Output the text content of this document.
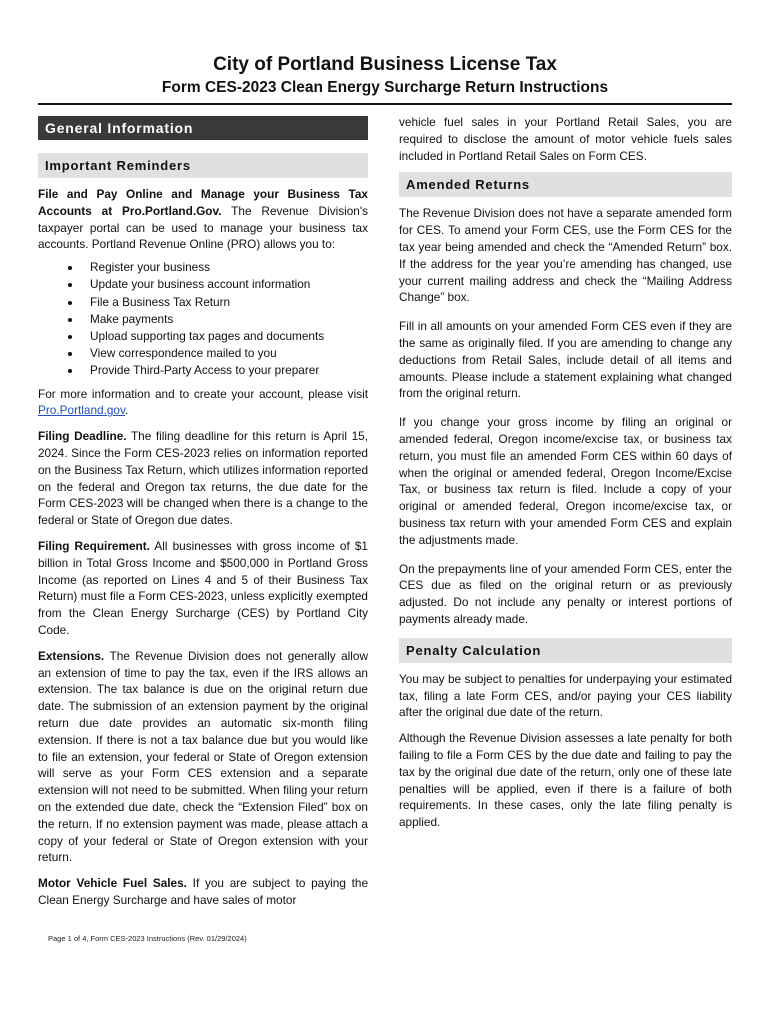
City of Portland Business License Tax
Form CES-2023 Clean Energy Surcharge Return Instructions
General Information
Important Reminders

File and Pay Online and Manage your Business Tax Accounts at Pro.Portland.Gov. The Revenue Division's taxpayer portal can be used to manage your business tax accounts. Portland Revenue Online (PRO) allows you to:

• Register your business
• Update your business account information
• File a Business Tax Return
• Make payments
• Upload supporting tax pages and documents
• View correspondence mailed to you
• Provide Third-Party Access to your preparer

For more information and to create your account, please visit Pro.Portland.gov.

Filing Deadline. The filing deadline for this return is April 15, 2024. Since the Form CES-2023 relies on information reported on the Business Tax Return, which utilizes information reported on the federal and Oregon tax returns, the due date for the Form CES-2023 will be changed when there is a change to the federal or State of Oregon due dates.

Filing Requirement. All businesses with gross income of $1 billion in Total Gross Income and $500,000 in Portland Gross Income (as reported on Lines 4 and 5 of their Business Tax Return) must file a Form CES-2023, unless explicitly exempted from the Clean Energy Surcharge (CES) by Portland City Code.

Extensions. The Revenue Division does not generally allow an extension of time to pay the tax, even if the IRS allows an extension. The tax balance is due on the original return due date. The submission of an extension payment by the original return due date provides an automatic six-month filing extension. If there is not a tax balance due but you would like to file an extension, your federal or State of Oregon extension will serve as your Form CES extension and a separate extension will not need to be submitted. When filing your return on the extended due date, check the “Extension Filed” box on the return. If no extension payment was made, please attach a copy of your federal or State of Oregon extension with your return.

Motor Vehicle Fuel Sales. If you are subject to paying the Clean Energy Surcharge and have sales of motor

vehicle fuel sales in your Portland Retail Sales, you are required to disclose the amount of motor vehicle fuels sales included in Portland Retail Sales on Form CES.

Amended Returns

The Revenue Division does not have a separate amended form for CES. To amend your Form CES, use the Form CES for the tax year being amended and check the “Amended Return” box. If the address for the year you’re amending has changed, use your current mailing address and check the “Mailing Address Change” box.

Fill in all amounts on your amended Form CES even if they are the same as originally filed. If you are amending to change any deductions from Retail Sales, include detail of all items and amounts. Please include a statement explaining what changed from the original return.

If you change your gross income by filing an original or amended federal, Oregon income/excise tax, or business tax return, you must file an amended Form CES within 60 days of when the original or amended federal, Oregon Income/Excise Tax, or business tax return is filed. Include a copy of your original or amended federal, Oregon income/excise tax, or business tax return with your amended Form CES and explain the adjustments made.

On the prepayments line of your amended Form CES, enter the CES due as filed on the original return or as previously adjusted. Do not include any penalty or interest portions of payments already made.

Penalty Calculation

You may be subject to penalties for underpaying your estimated tax, filing a late Form CES, and/or paying your CES liability after the original due date of the return.

Although the Revenue Division assesses a late penalty for both failing to file a Form CES by the due date and failing to pay the tax by the original due date of the return, only one of these late penalties will be applied, even if there is a failure of both requirements. In these cases, only the late filing penalty is applied.

Page 1 of 4, Form CES-2023 Instructions (Rev. 01/29/2024)
